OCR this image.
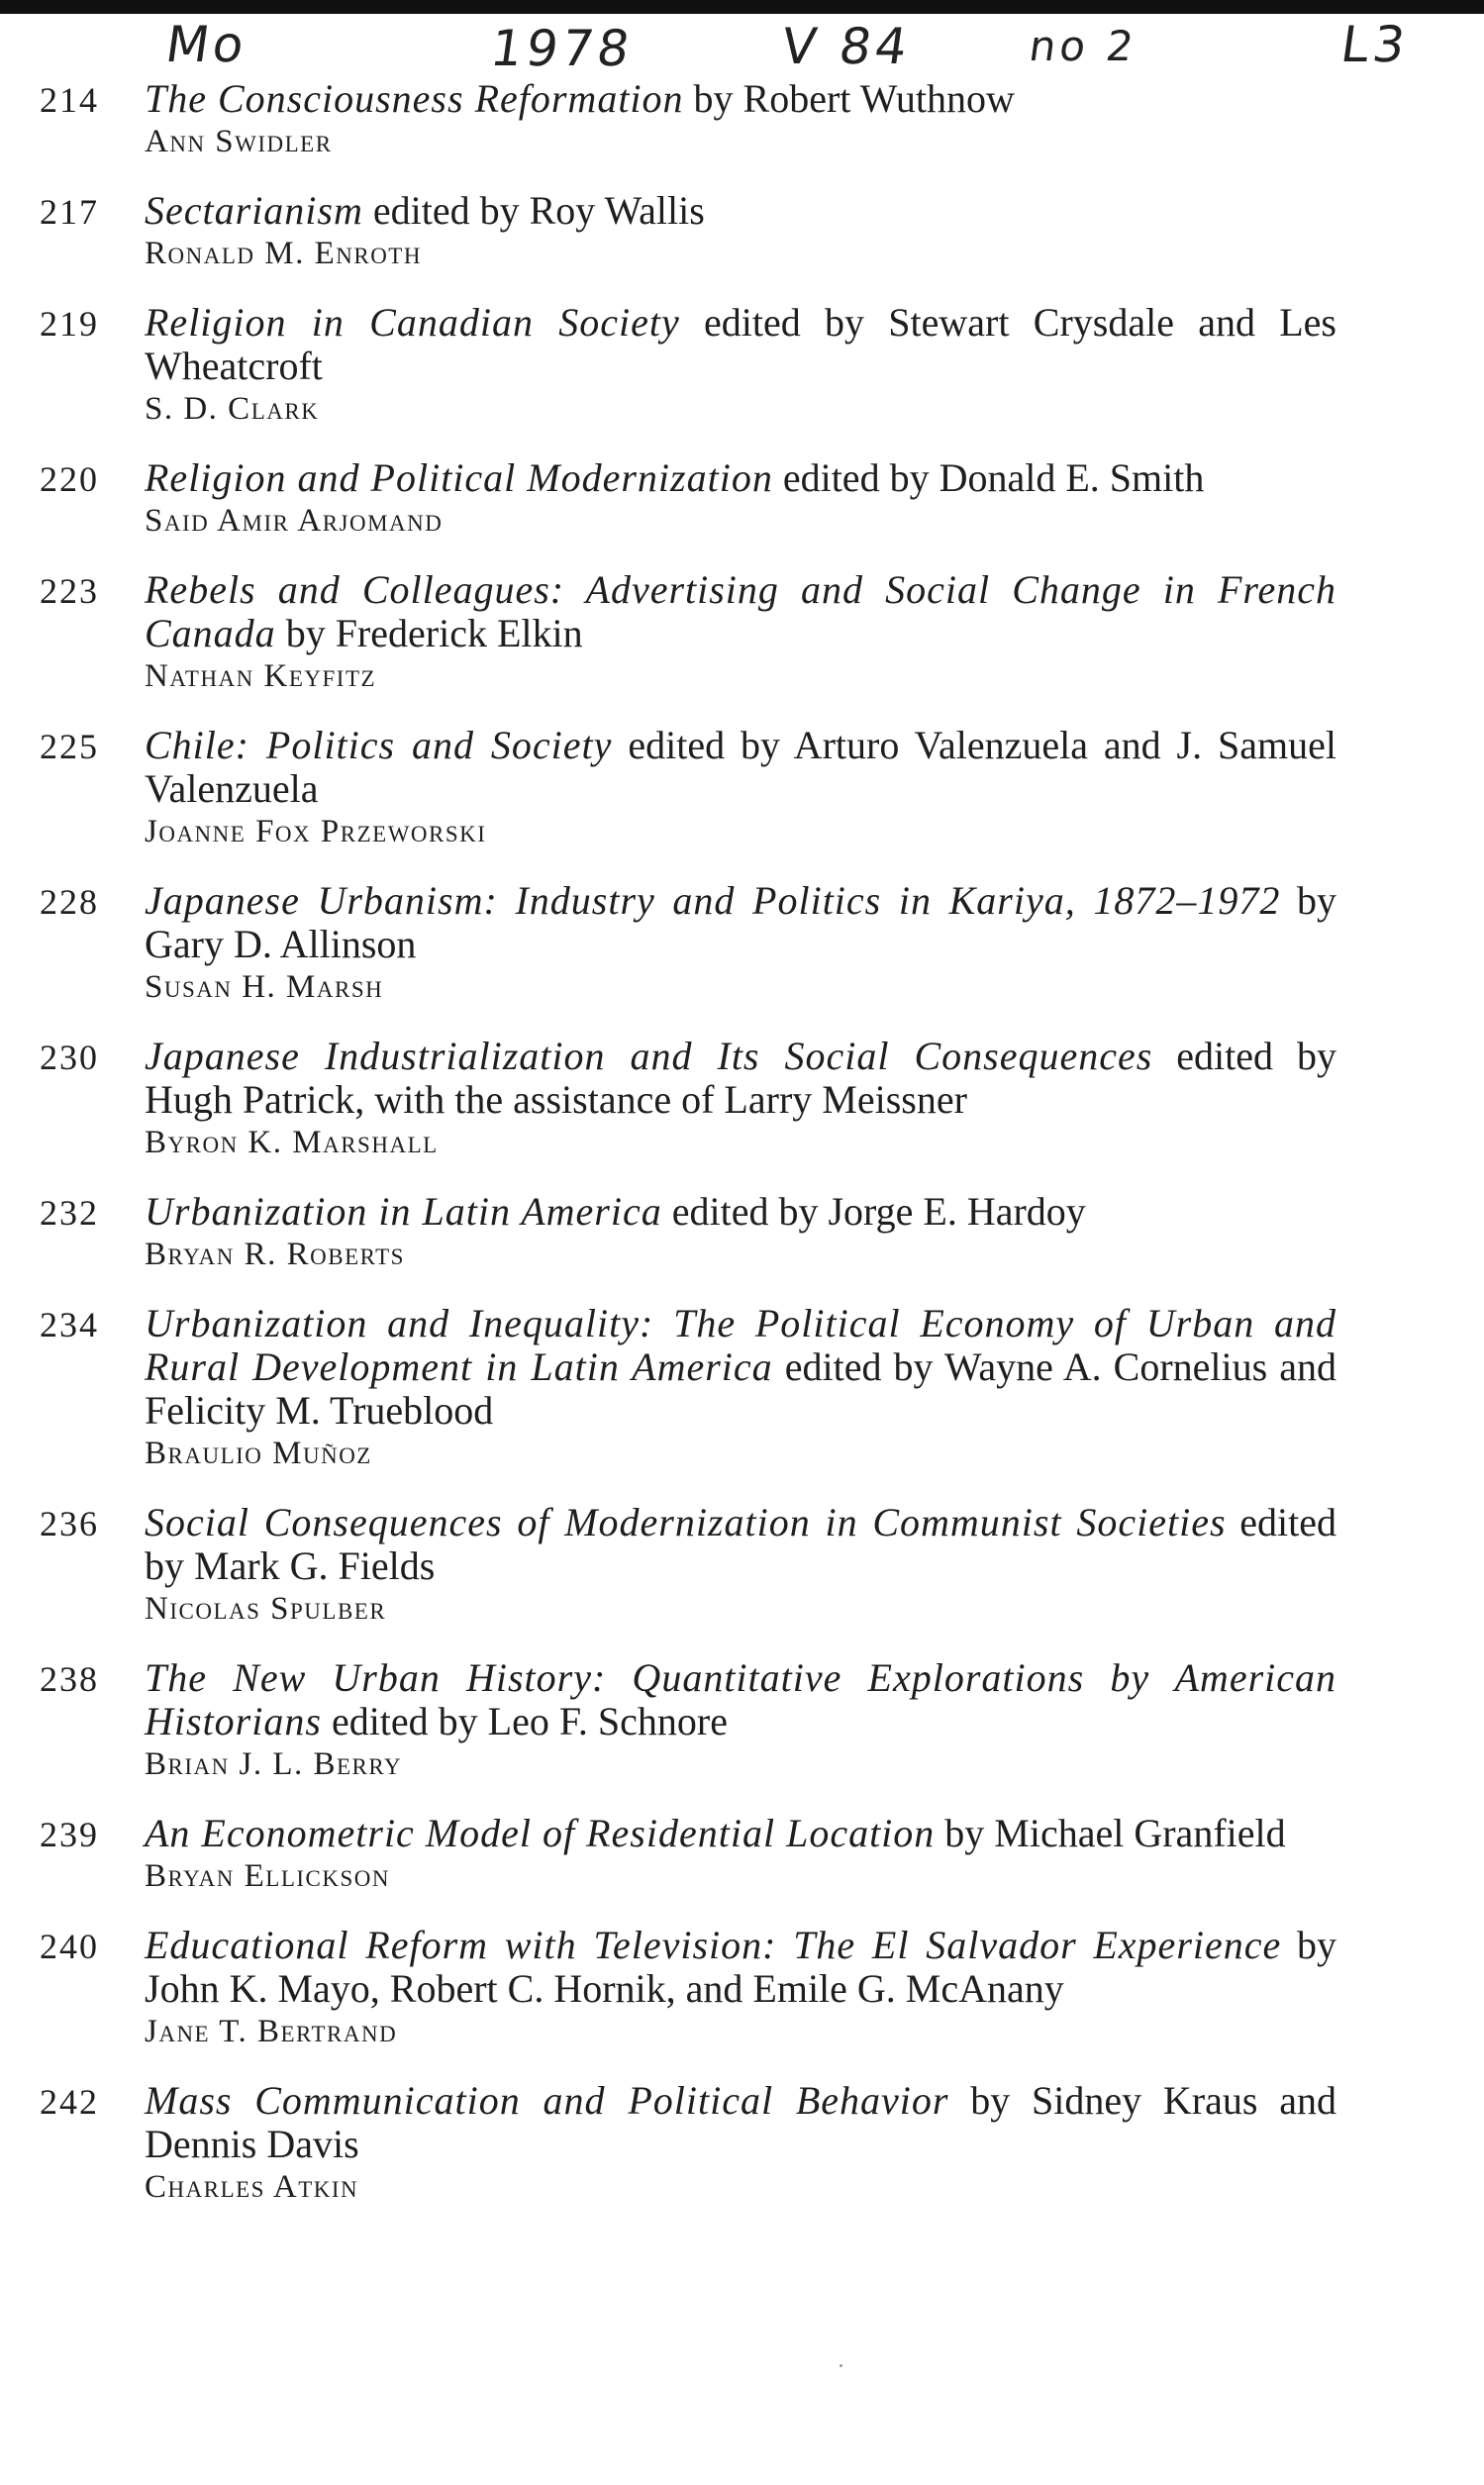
Mo	1978	V 84	no 2	L3
214 The Consciousness Reformation by Robert Wuthnow
Ann Swidler
217 Sectarianism edited by Roy Wallis
Ronald M. Enroth
219 Religion in Canadian Society edited by Stewart Crysdale and Les Wheatcroft
S. D. Clark
220 Religion and Political Modernization edited by Donald E. Smith
Said Amir Arjomand
223 Rebels and Colleagues: Advertising and Social Change in French Canada by Frederick Elkin
Nathan Keyfitz
225 Chile: Politics and Society edited by Arturo Valenzuela and J. Samuel Valenzuela
Joanne Fox Przeworski
228 Japanese Urbanism: Industry and Politics in Kariya, 1872–1972 by Gary D. Allinson
Susan H. Marsh
230 Japanese Industrialization and Its Social Consequences edited by Hugh Patrick, with the assistance of Larry Meissner
Byron K. Marshall
232 Urbanization in Latin America edited by Jorge E. Hardoy
Bryan R. Roberts
234 Urbanization and Inequality: The Political Economy of Urban and Rural Development in Latin America edited by Wayne A. Cornelius and Felicity M. Trueblood
Braulio Muñoz
236 Social Consequences of Modernization in Communist Societies edited by Mark G. Fields
Nicolas Spulber
238 The New Urban History: Quantitative Explorations by American Historians edited by Leo F. Schnore
Brian J. L. Berry
239 An Econometric Model of Residential Location by Michael Granfield
Bryan Ellickson
240 Educational Reform with Television: The El Salvador Experience by John K. Mayo, Robert C. Hornik, and Emile G. McAnany
Jane T. Bertrand
242 Mass Communication and Political Behavior by Sidney Kraus and Dennis Davis
Charles Atkin
